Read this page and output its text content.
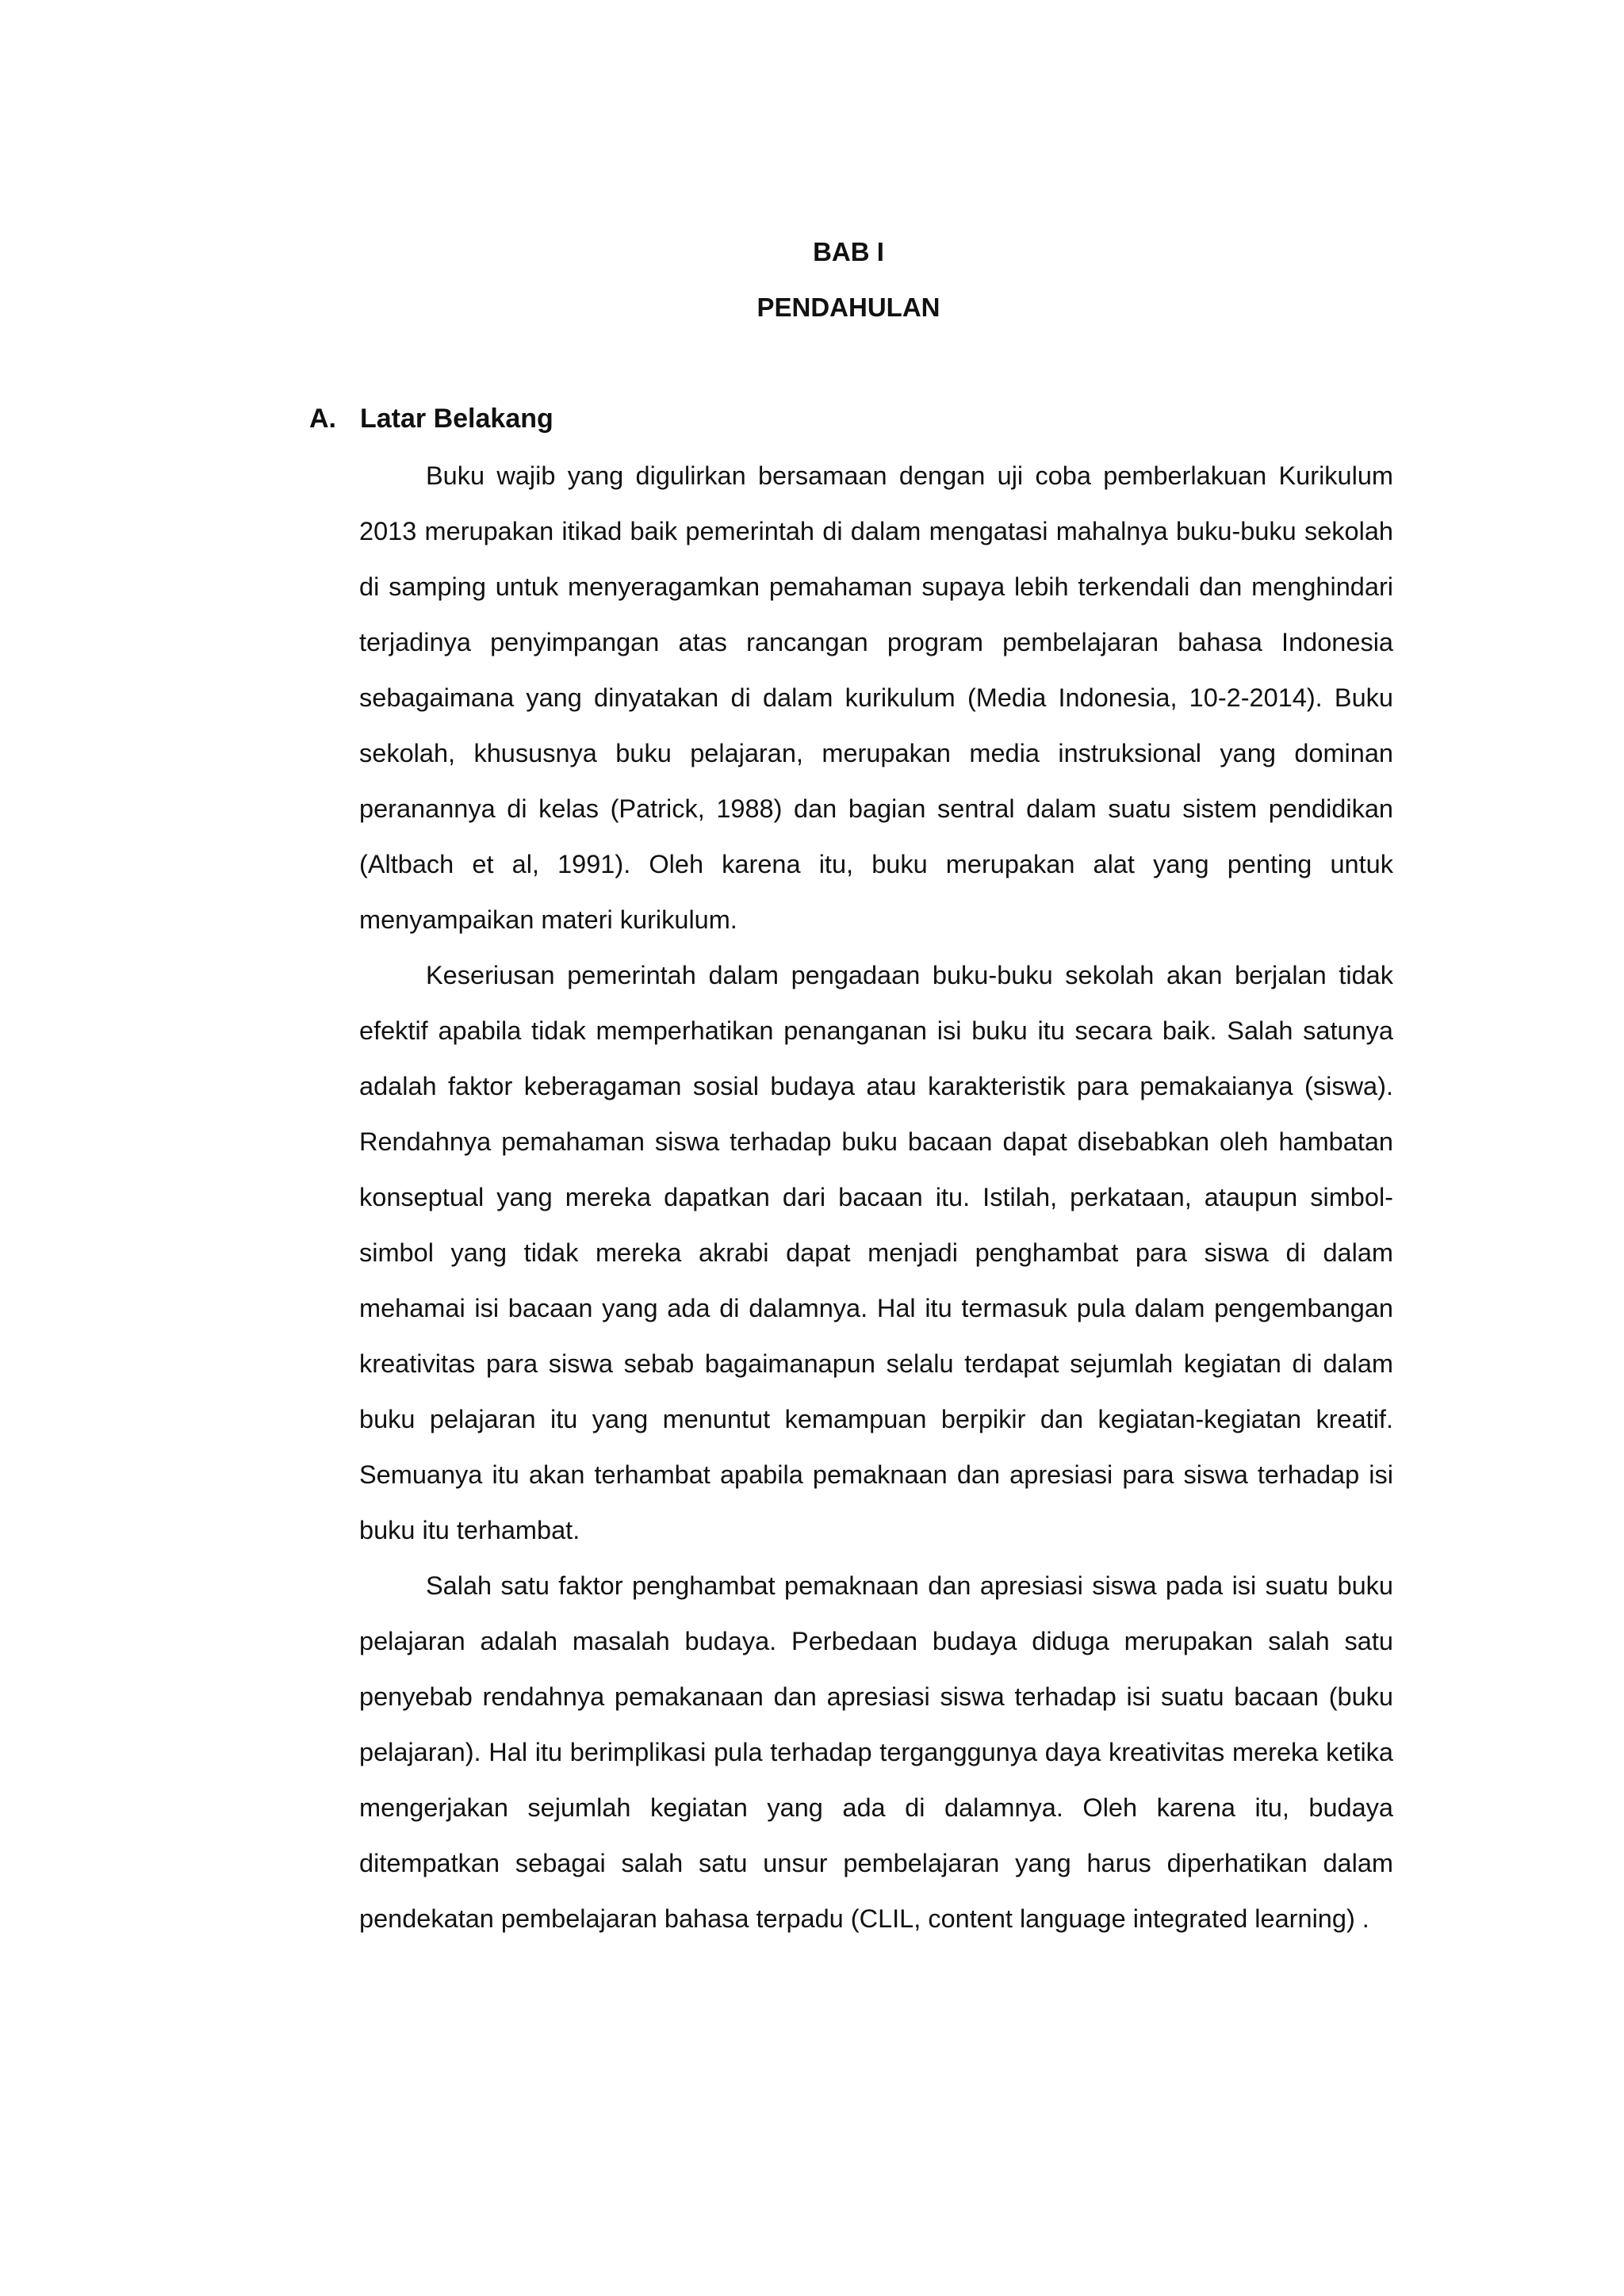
BAB I
PENDAHULAN
A. Latar Belakang

Buku wajib yang digulirkan bersamaan dengan uji coba pemberlakuan Kurikulum 2013 merupakan itikad baik pemerintah di dalam mengatasi mahalnya buku-buku sekolah di samping untuk menyeragamkan pemahaman supaya lebih terkendali dan menghindari terjadinya penyimpangan atas rancangan program pembelajaran bahasa Indonesia sebagaimana yang dinyatakan di dalam kurikulum (Media Indonesia, 10-2-2014). Buku sekolah, khususnya buku pelajaran, merupakan media instruksional yang dominan peranannya di kelas (Patrick, 1988) dan bagian sentral dalam suatu sistem pendidikan (Altbach et al, 1991). Oleh karena itu, buku merupakan alat yang penting untuk menyampaikan materi kurikulum.

Keseriusan pemerintah dalam pengadaan buku-buku sekolah akan berjalan tidak efektif apabila tidak memperhatikan penanganan isi buku itu secara baik. Salah satunya adalah faktor keberagaman sosial budaya atau karakteristik para pemakaianya (siswa). Rendahnya pemahaman siswa terhadap buku bacaan dapat disebabkan oleh hambatan konseptual yang mereka dapatkan dari bacaan itu. Istilah, perkataan, ataupun simbol-simbol yang tidak mereka akrabi dapat menjadi penghambat para siswa di dalam mehamai isi bacaan yang ada di dalamnya. Hal itu termasuk pula dalam pengembangan kreativitas para siswa sebab bagaimanapun selalu terdapat sejumlah kegiatan di dalam buku pelajaran itu yang menuntut kemampuan berpikir dan kegiatan-kegiatan kreatif. Semuanya itu akan terhambat apabila pemaknaan dan apresiasi para siswa terhadap isi buku itu terhambat.

Salah satu faktor penghambat pemaknaan dan apresiasi siswa pada isi suatu buku pelajaran adalah masalah budaya. Perbedaan budaya diduga merupakan salah satu penyebab rendahnya pemakanaan dan apresiasi siswa terhadap isi suatu bacaan (buku pelajaran). Hal itu berimplikasi pula terhadap terganggunya daya kreativitas mereka ketika mengerjakan sejumlah kegiatan yang ada di dalamnya. Oleh karena itu, budaya ditempatkan sebagai salah satu unsur pembelajaran yang harus diperhatikan dalam pendekatan pembelajaran bahasa terpadu (CLIL, content language integrated learning) .
